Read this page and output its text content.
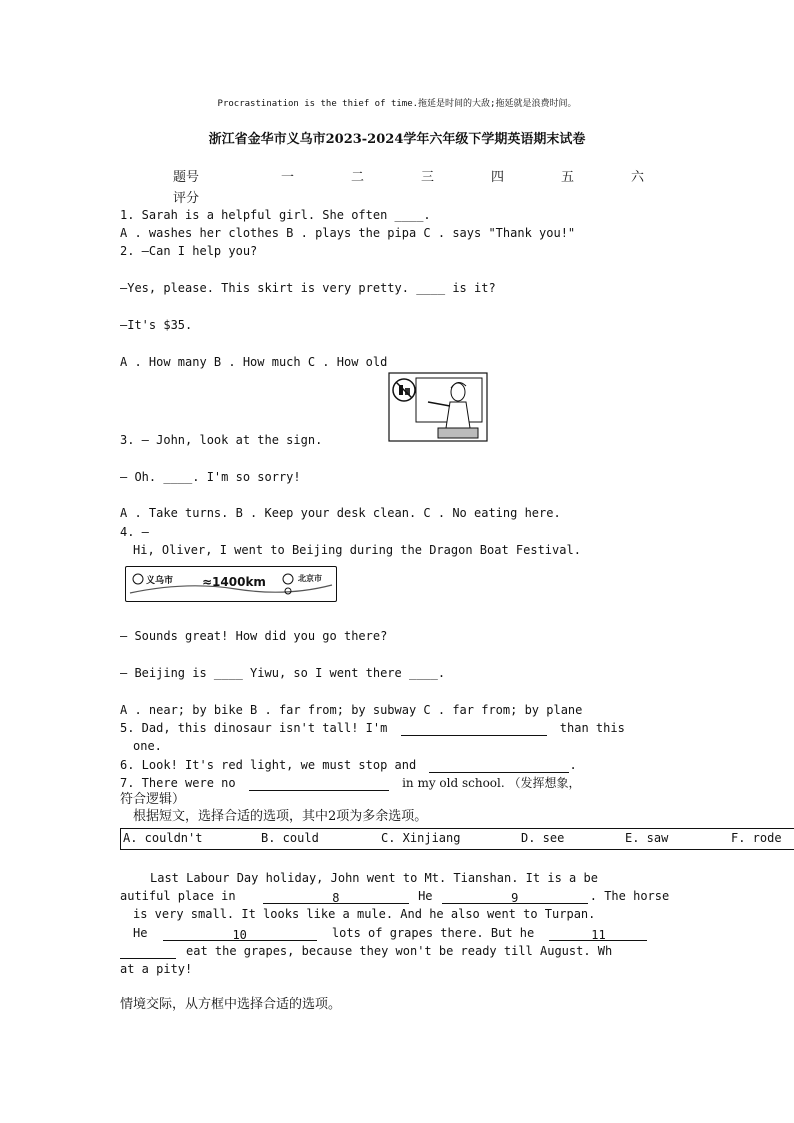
Procrastination is the thief of time.拖延是时间的大敌;拖延就是浪费时间。
浙江省金华市义乌市2023-2024学年六年级下学期英语期末试卷
题号	一	二	三	四	五	六
评分
1. Sarah is a helpful girl. She often ____.
A . washes her clothes B . plays the pipa C . says "Thank you!"
2. —Can I help you?
—Yes, please. This skirt is very pretty. ____ is it?
—It's $35.
A . How many B . How much C . How old
3. — John, look at the sign.
— Oh. ____. I'm so sorry!
A . Take turns. B . Keep your desk clean. C . No eating here.
4. —
Hi, Oliver, I went to Beijing during the Dragon Boat Festival.
义乌市 ≈1400km	北京市
— Sounds great! How did you go there?
— Beijing is ____ Yiwu, so I went there ____.
A . near; by bike B . far from; by subway C . far from; by plane
5. Dad, this dinosaur isn't tall! I'm	than this
one.
6. Look! It's red light, we must stop and	.
7. There were no	in my old school. （发挥想象，
符合逻辑）
根据短文，选择合适的选项，其中2项为多余选项。
A. couldn't	B. could	C. Xinjiang	D. see	E. saw	F. rode
Last Labour Day holiday, John went to Mt. Tianshan. It is a be
autiful place in	8	He	9	. The horse
is very small. It looks like a mule. And he also went to Turpan.
He	10	lots of grapes there. But he	11
eat the grapes, because they won't be ready till August. Wh
at a pity!
情境交际，从方框中选择合适的选项。
